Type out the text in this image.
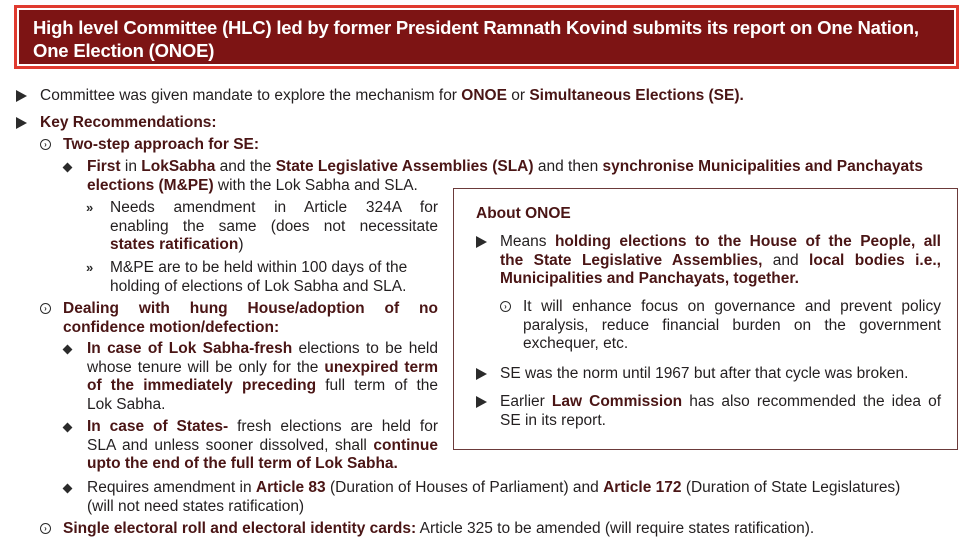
High level Committee (HLC) led by former President Ramnath Kovind submits its report on One Nation,
One Election (ONOE)
Committee was given mandate to explore the mechanism for ONOE or Simultaneous Elections (SE).
Key Recommendations:
› Two-step approach for SE:
First in LokSabha and the State Legislative Assemblies (SLA) and then synchronise Municipalities and Panchayats
elections (M&PE) with the Lok Sabha and SLA.
» Needs amendment in Article 324A for
enabling the same (does not necessitate
states ratification)
» M&PE are to be held within 100 days of the
holding of elections of Lok Sabha and SLA.
› Dealing with hung House/adoption of no
confidence motion/defection:
In case of Lok Sabha-fresh elections to be held
whose tenure will be only for the unexpired term
of the immediately preceding full term of the
Lok Sabha.
In case of States- fresh elections are held for
SLA and unless sooner dissolved, shall continue
upto the end of the full term of Lok Sabha.
Requires amendment in Article 83 (Duration of Houses of Parliament) and Article 172 (Duration of State Legislatures)
(will not need states ratification)
› Single electoral roll and electoral identity cards: Article 325 to be amended (will require states ratification).
About ONOE
Means holding elections to the House of the People, all
the State Legislative Assemblies, and local bodies i.e.,
Municipalities and Panchayats, together.
› It will enhance focus on governance and prevent policy
paralysis, reduce financial burden on the government
exchequer, etc.
SE was the norm until 1967 but after that cycle was broken.
Earlier Law Commission has also recommended the idea of
SE in its report.
